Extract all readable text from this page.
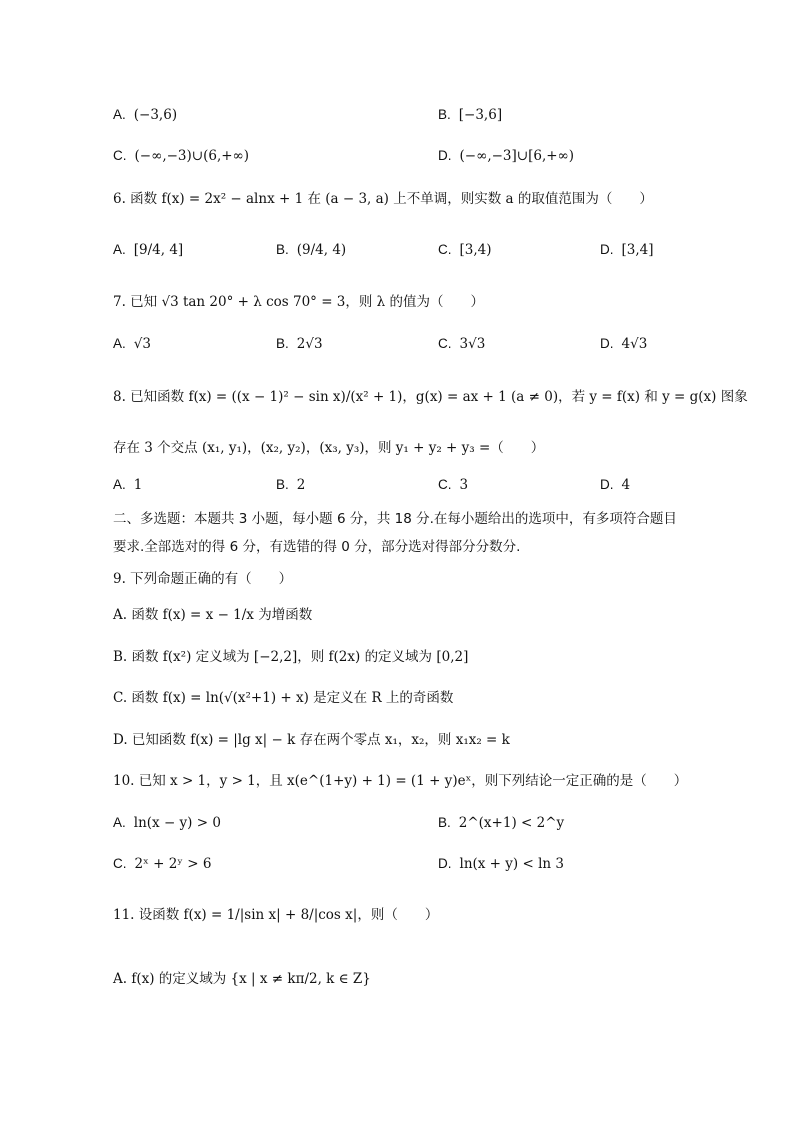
A. (−3,6)	B. [−3,6]
C. (−∞,−3)∪(6,+∞)	D. (−∞,−3]∪[6,+∞)
6. 函数 f(x) = 2x² − alnx + 1 在 (a − 3, a) 上不单调，则实数 a 的取值范围为（　　）
A. [9/4, 4]	B. (9/4, 4)	C. [3,4)	D. [3,4]
7. 已知 √3 tan 20° + λ cos 70° = 3，则 λ 的值为（　　）
A. √3	B. 2√3	C. 3√3	D. 4√3
8. 已知函数 f(x) = ((x − 1)² − sin x)/(x² + 1)，g(x) = ax + 1 (a ≠ 0)，若 y = f(x) 和 y = g(x) 图象
存在 3 个交点 (x₁, y₁)，(x₂, y₂)，(x₃, y₃)，则 y₁ + y₂ + y₃ =（　　）
A. 1	B. 2	C. 3	D. 4
二、多选题：本题共 3 小题，每小题 6 分，共 18 分.在每小题给出的选项中，有多项符合题目要求.全部选对的得 6 分，有选错的得 0 分，部分选对得部分分数分.
9. 下列命题正确的有（　　）
A. 函数 f(x) = x − 1/x 为增函数
B. 函数 f(x²) 定义域为 [−2,2]，则 f(2x) 的定义域为 [0,2]
C. 函数 f(x) = ln(√(x²+1) + x) 是定义在 R 上的奇函数
D. 已知函数 f(x) = |lg x| − k 存在两个零点 x₁，x₂，则 x₁x₂ = k
10. 已知 x > 1，y > 1，且 x(e^(1+y) + 1) = (1 + y)eˣ，则下列结论一定正确的是（　　）
A. ln(x − y) > 0	B. 2^(x+1) < 2^y
C. 2ˣ + 2ʸ > 6	D. ln(x + y) < ln 3
11. 设函数 f(x) = 1/|sin x| + 8/|cos x|，则（　　）
A. f(x) 的定义域为 {x | x ≠ kπ/2, k ∈ Z}
